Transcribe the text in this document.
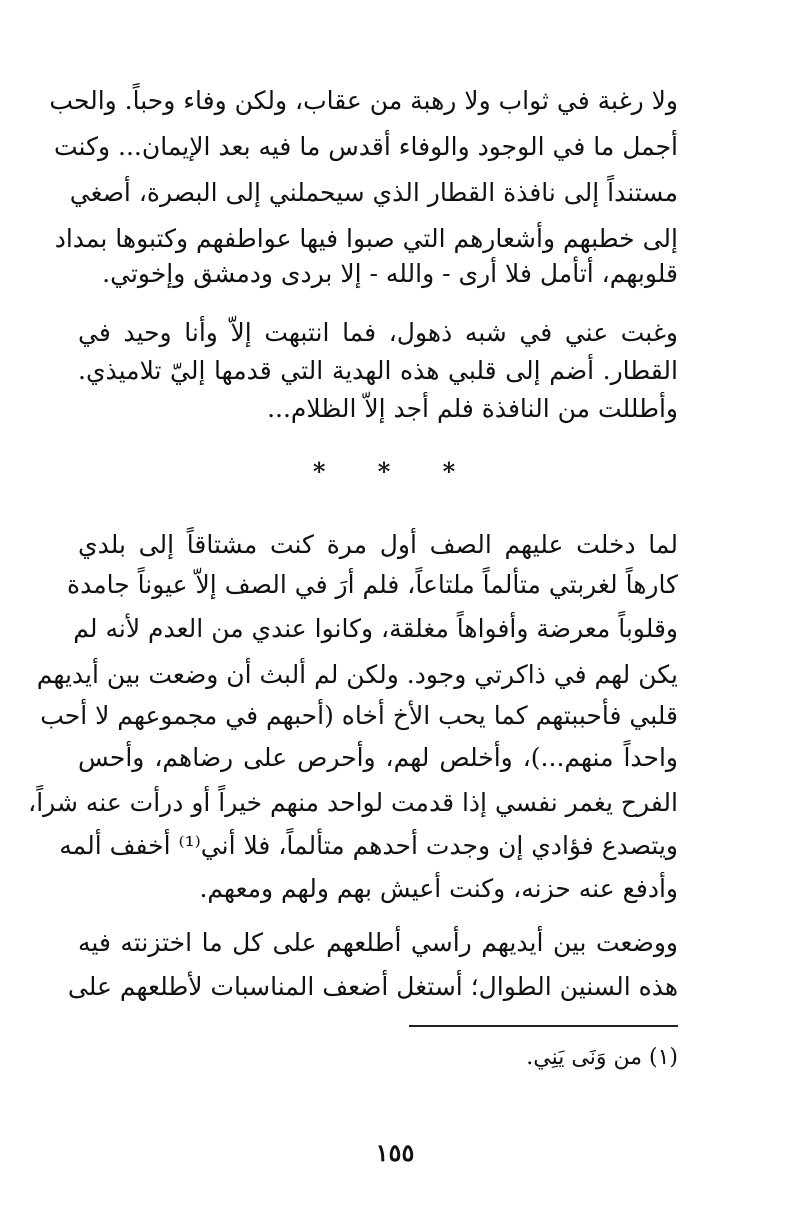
ولا رغبة في ثواب ولا رهبة من عقاب، ولكن وفاء وحباً. والحب
أجمل ما في الوجود والوفاء أقدس ما فيه بعد الإيمان... وكنت
مستنداً إلى نافذة القطار الذي سيحملني إلى البصرة، أصغي
إلى خطبهم وأشعارهم التي صبوا فيها عواطفهم وكتبوها بمداد
قلوبهم، أتأمل فلا أرى - والله - إلا بردى ودمشق وإخوتي.
وغبت عني في شبه ذهول، فما انتبهت إلاّ وأنا وحيد في
القطار. أضم إلى قلبي هذه الهدية التي قدمها إليّ تلاميذي.
وأطللت من النافذة فلم أجد إلاّ الظلام...
* * *
لما دخلت عليهم الصف أول مرة كنت مشتاقاً إلى بلدي
كارهاً لغربتي متألماً ملتاعاً، فلم أرَ في الصف إلاّ عيوناً جامدة
وقلوباً معرضة وأفواهاً مغلقة، وكانوا عندي من العدم لأنه لم
يكن لهم في ذاكرتي وجود. ولكن لم ألبث أن وضعت بين أيديهم
قلبي فأحببتهم كما يحب الأخ أخاه (أحبهم في مجموعهم لا أحب
واحداً منهم...)، وأخلص لهم، وأحرص على رضاهم، وأحس
الفرح يغمر نفسي إذا قدمت لواحد منهم خيراً أو درأت عنه شراً،
ويتصدع فؤادي إن وجدت أحدهم متألماً، فلا أني⁽¹⁾ أخفف ألمه
وأدفع عنه حزنه، وكنت أعيش بهم ولهم ومعهم.
ووضعت بين أيديهم رأسي أطلعهم على كل ما اختزنته فيه
هذه السنين الطوال؛ أستغل أضعف المناسبات لأطلعهم على
(١) من وَنَى يَنِي.
١٥٥
